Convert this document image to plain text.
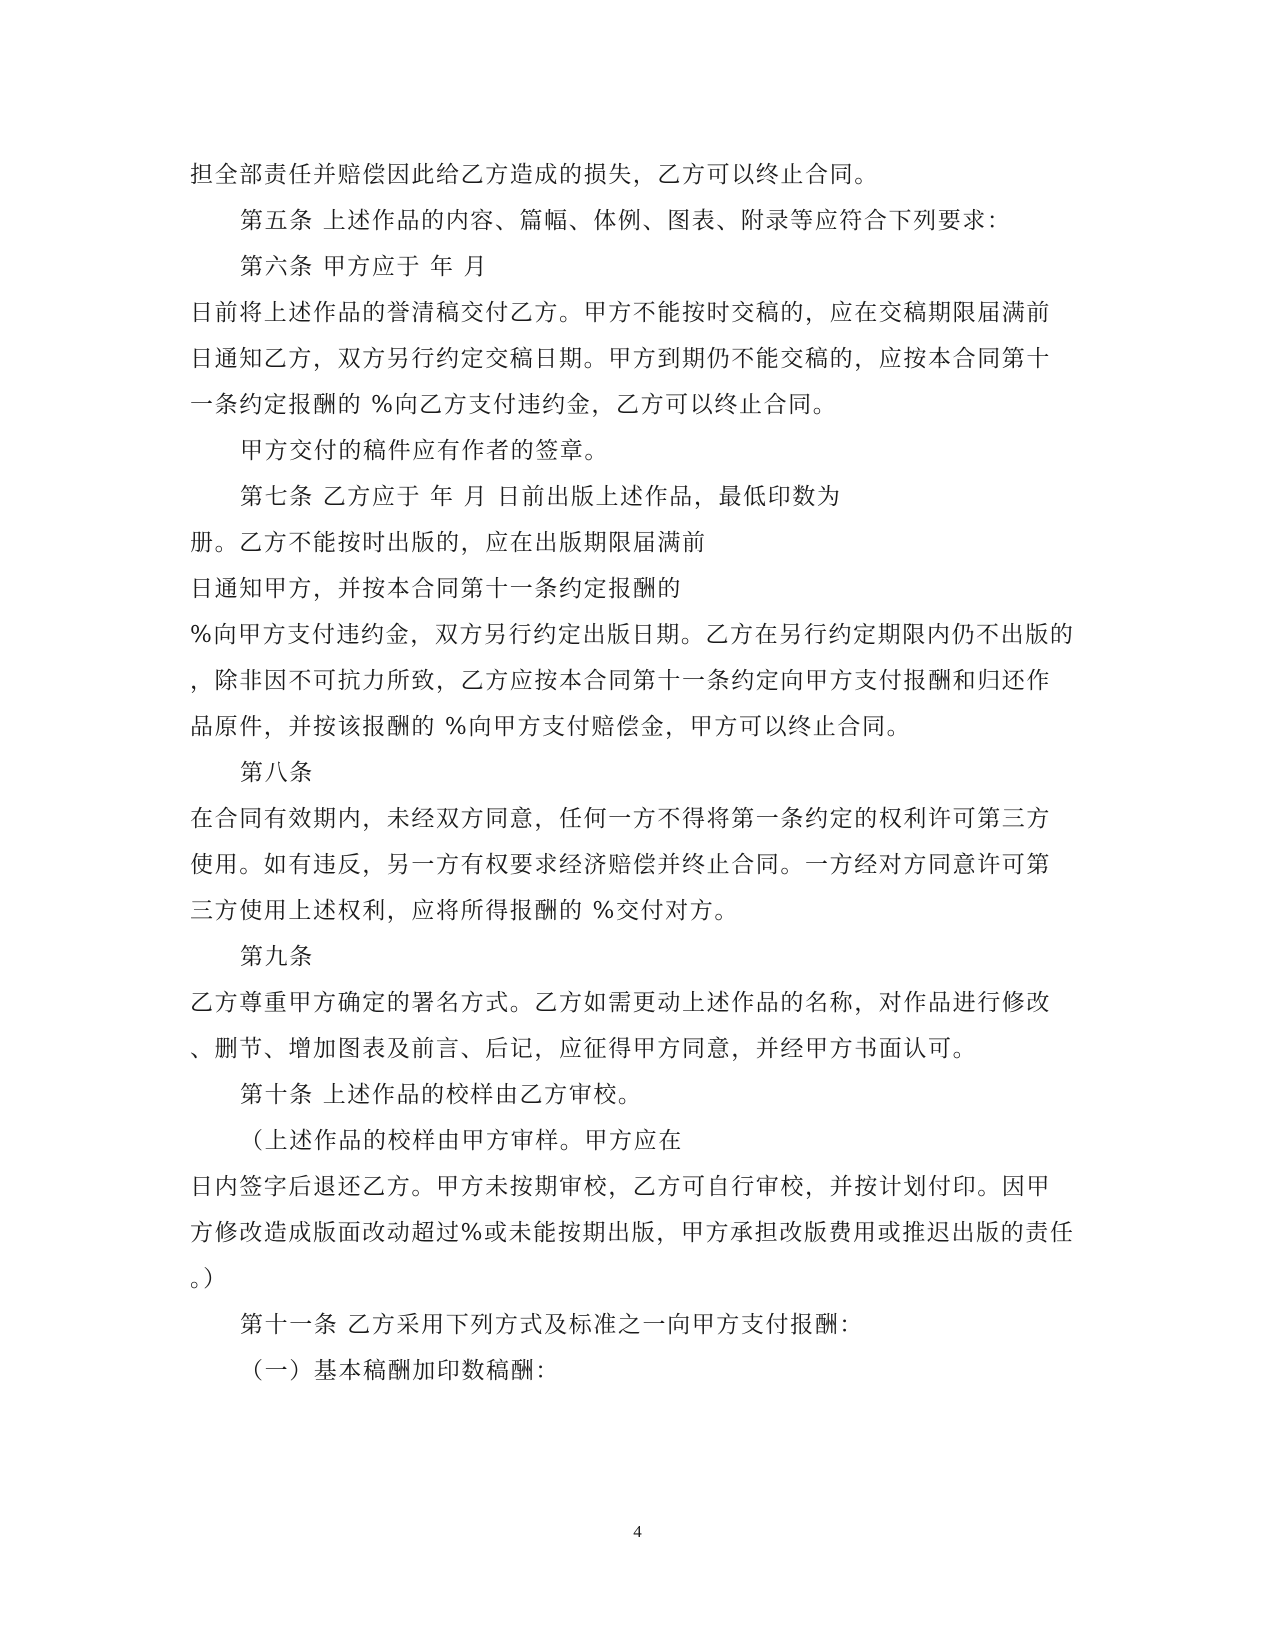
担全部责任并赔偿因此给乙方造成的损失，乙方可以终止合同。
第五条 上述作品的内容、篇幅、体例、图表、附录等应符合下列要求：
第六条 甲方应于 年 月
日前将上述作品的誉清稿交付乙方。甲方不能按时交稿的，应在交稿期限届满前
日通知乙方，双方另行约定交稿日期。甲方到期仍不能交稿的，应按本合同第十
一条约定报酬的 %向乙方支付违约金，乙方可以终止合同。
甲方交付的稿件应有作者的签章。
第七条 乙方应于 年 月 日前出版上述作品，最低印数为
册。乙方不能按时出版的，应在出版期限届满前
日通知甲方，并按本合同第十一条约定报酬的
%向甲方支付违约金，双方另行约定出版日期。乙方在另行约定期限内仍不出版的
，除非因不可抗力所致，乙方应按本合同第十一条约定向甲方支付报酬和归还作
品原件，并按该报酬的 %向甲方支付赔偿金，甲方可以终止合同。
第八条
在合同有效期内，未经双方同意，任何一方不得将第一条约定的权利许可第三方
使用。如有违反，另一方有权要求经济赔偿并终止合同。一方经对方同意许可第
三方使用上述权利，应将所得报酬的 %交付对方。
第九条
乙方尊重甲方确定的署名方式。乙方如需更动上述作品的名称，对作品进行修改
、删节、增加图表及前言、后记，应征得甲方同意，并经甲方书面认可。
第十条 上述作品的校样由乙方审校。
（上述作品的校样由甲方审样。甲方应在
日内签字后退还乙方。甲方未按期审校，乙方可自行审校，并按计划付印。因甲
方修改造成版面改动超过%或未能按期出版，甲方承担改版费用或推迟出版的责任
。）
第十一条 乙方采用下列方式及标准之一向甲方支付报酬：
（一）基本稿酬加印数稿酬：
4
